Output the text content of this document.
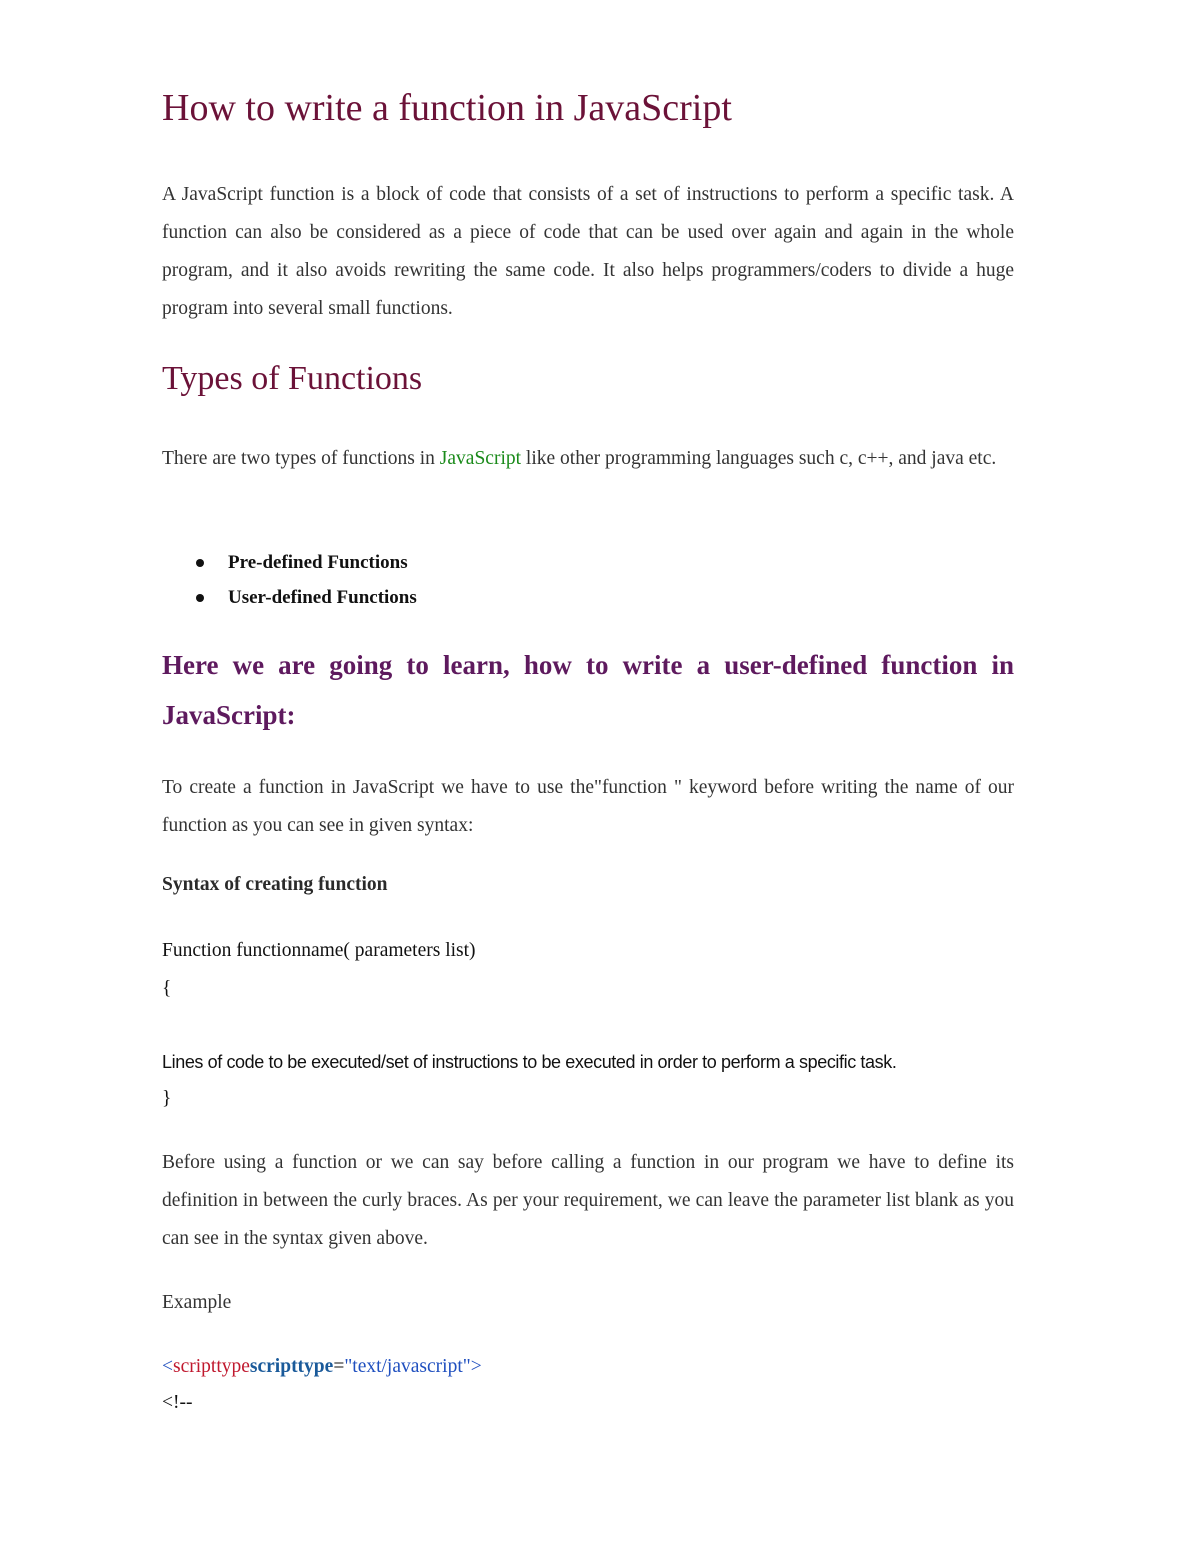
How to write a function in JavaScript

A JavaScript function is a block of code that consists of a set of instructions to perform a specific task. A function can also be considered as a piece of code that can be used over again and again in the whole program, and it also avoids rewriting the same code. It also helps programmers/coders to divide a huge program into several small functions.

Types of Functions

There are two types of functions in JavaScript like other programming languages such c, c++, and java etc.

Pre-defined Functions
User-defined Functions
Here we are going to learn, how to write a user-defined function in JavaScript:

To create a function in JavaScript we have to use the"function " keyword before writing the name of our function as you can see in given syntax:

Syntax of creating function

Function functionname( parameters list)

{

Lines of code to be executed/set of instructions to be executed in order to perform a specific task.

}

Before using a function or we can say before calling a function in our program we have to define its definition in between the curly braces. As per your requirement, we can leave the parameter list blank as you can see in the syntax given above.

Example

<scripttypescripttype="text/javascript">

<!--
